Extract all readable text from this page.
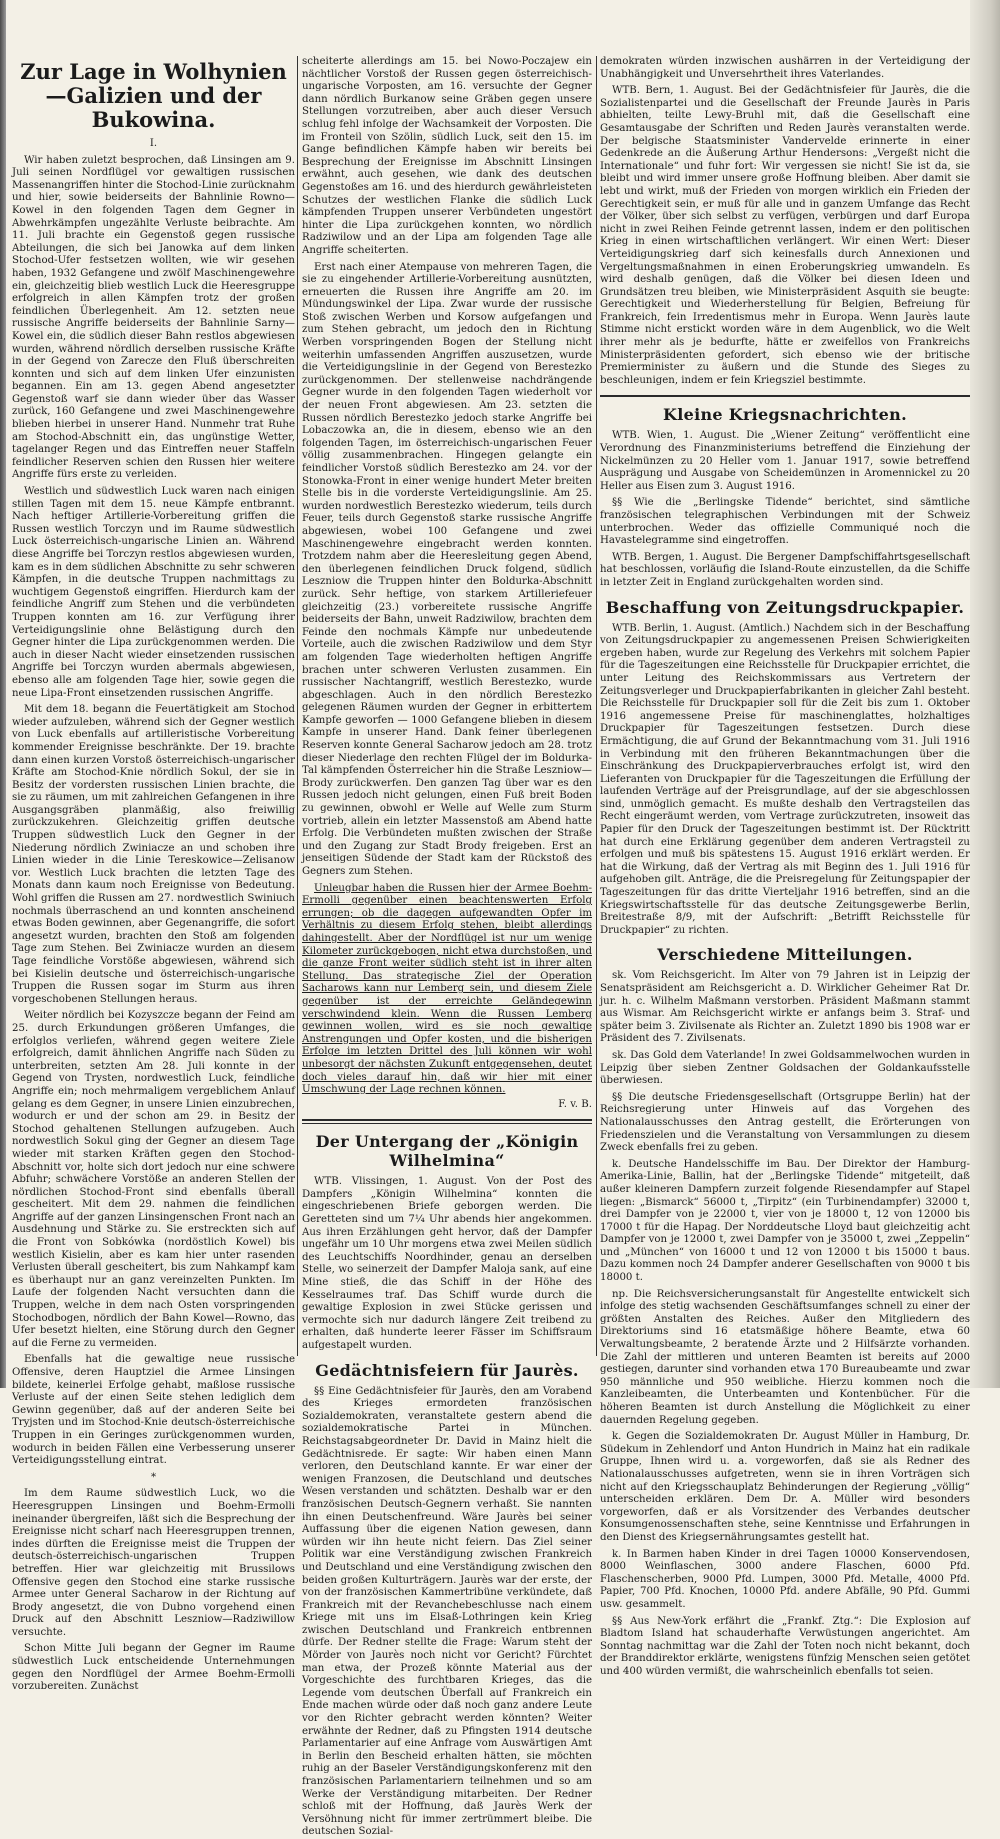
Zur Lage in Wolhynien—Galizien und der Bukowina.
I.

Wir haben zuletzt besprochen, daß Linsingen am 9. Juli seinen Nordflügel vor gewaltigen russischen Massenangriffen hinter die Stochod-Linie zurücknahm und hier, sowie beiderseits der Bahnlinie Rowno—Kowel in den folgenden Tagen dem Gegner in Abwehrkämpfen ungezählte Verluste beibrachte. Am 11. Juli brachte ein Gegenstoß gegen russische Abteilungen, die sich bei Janowka auf dem linken Stochod-Ufer festsetzen wollten, wie wir gesehen haben, 1932 Gefangene und zwölf Maschinengewehre ein, gleichzeitig blieb westlich Luck die Heeresgruppe erfolgreich in allen Kämpfen trotz der großen feindlichen Überlegenheit. Am 12. setzten neue russische Angriffe beiderseits der Bahnlinie Sarny—Kowel ein, die südlich dieser Bahn restlos abgewiesen wurden, während nördlich derselben russische Kräfte in der Gegend von Zarecze den Fluß überschreiten konnten und sich auf dem linken Ufer einzunisten begannen. Ein am 13. gegen Abend angesetzter Gegenstoß warf sie dann wieder über das Wasser zurück, 160 Gefangene und zwei Maschinengewehre blieben hierbei in unserer Hand. Nunmehr trat Ruhe am Stochod-Abschnitt ein, das ungünstige Wetter, tagelanger Regen und das Eintreffen neuer Staffeln feindlicher Reserven schien den Russen hier weitere Angriffe fürs erste zu verleiden.

Westlich und südwestlich Luck waren nach einigen stillen Tagen mit dem 15. neue Kämpfe entbrannt. Nach heftiger Artillerie-Vorbereitung griffen die Russen westlich Torczyn und im Raume südwestlich Luck österreichisch-ungarische Linien an. Während diese Angriffe bei Torczyn restlos abgewiesen wurden, kam es in dem südlichen Abschnitte zu sehr schweren Kämpfen, in die deutsche Truppen nachmittags zu wuchtigem Gegenstoß eingriffen. Hierdurch kam der feindliche Angriff zum Stehen und die verbündeten Truppen konnten am 16. zur Verfügung ihrer Verteidigungslinie ohne Belästigung durch den Gegner hinter die Lipa zurückgenommen werden. Die auch in dieser Nacht wieder einsetzenden russischen Angriffe bei Torczyn wurden abermals abgewiesen, ebenso alle am folgenden Tage hier, sowie gegen die neue Lipa-Front einsetzenden russischen Angriffe.

Mit dem 18. begann die Feuertätigkeit am Stochod wieder aufzuleben, während sich der Gegner westlich von Luck ebenfalls auf artilleristische Vorbereitung kommender Ereignisse beschränkte. Der 19. brachte dann einen kurzen Vorstoß österreichisch-ungarischer Kräfte am Stochod-Knie nördlich Sokul, der sie in Besitz der vordersten russischen Linien brachte, die sie zu räumen, um mit zahlreichen Gefangenen in ihre Ausgangsgräben planmäßig, also freiwillig zurückzukehren. Gleichzeitig griffen deutsche Truppen südwestlich Luck den Gegner in der Niederung nördlich Zwiniacze an und schoben ihre Linien wieder in die Linie Tereskowice—Zelisanow vor. Westlich Luck brachten die letzten Tage des Monats dann kaum noch Ereignisse von Bedeutung. Wohl griffen die Russen am 27. nordwestlich Swiniuch nochmals überraschend an und konnten anscheinend etwas Boden gewinnen, aber Gegenangriffe, die sofort angesetzt wurden, brachten den Stoß am folgenden Tage zum Stehen. Bei Zwiniacze wurden an diesem Tage feindliche Vorstöße abgewiesen, während sich bei Kisielin deutsche und österreichisch-ungarische Truppen die Russen sogar im Sturm aus ihren vorgeschobenen Stellungen heraus.

Weiter nördlich bei Kozyszcze begann der Feind am 25. durch Erkundungen größeren Umfanges, die erfolglos verliefen, während gegen weitere Ziele erfolgreich, damit ähnlichen Angriffe nach Süden zu unterbreiten, setzten Am 28. Juli konnte in der Gegend von Trysten, nordwestlich Luck, feindliche Angriffe ein; noch mehrmaligem vergeblichem Anlauf gelang es dem Gegner, in unsere Linien einzubrechen, wodurch er und der schon am 29. in Besitz der Stochod gehaltenen Stellungen aufzugeben. Auch nordwestlich Sokul ging der Gegner an diesem Tage wieder mit starken Kräften gegen den Stochod-Abschnitt vor, holte sich dort jedoch nur eine schwere Abfuhr; schwächere Vorstöße an anderen Stellen der nördlichen Stochod-Front sind ebenfalls überall gescheitert. Mit dem 29. nahmen die feindlichen Angriffe auf der ganzen Linsingenschen Front nach an Ausdehnung und Stärke zu. Sie erstreckten sich auf die Front von Sobkówka (nordöstlich Kowel) bis westlich Kisielin, aber es kam hier unter rasenden Verlusten überall gescheitert, bis zum Nahkampf kam es überhaupt nur an ganz vereinzelten Punkten. Im Laufe der folgenden Nacht versuchten dann die Truppen, welche in dem nach Osten vorspringenden Stochodbogen, nördlich der Bahn Kowel—Rowno, das Ufer besetzt hielten, eine Störung durch den Gegner auf die Ferne zu vermeiden.

Ebenfalls hat die gewaltige neue russische Offensive, deren Hauptziel die Armee Linsingen bildete, keinerlei Erfolge gehabt, maßlose russische Verluste auf der einen Seite stehen lediglich dem Gewinn gegenüber, daß auf der anderen Seite bei Tryjsten und im Stochod-Knie deutsch-österreichische Truppen in ein Geringes zurückgenommen wurden, wodurch in beiden Fällen eine Verbesserung unserer Verteidigungsstellung eintrat.

*

Im dem Raume südwestlich Luck, wo die Heeresgruppen Linsingen und Boehm-Ermolli ineinander übergreifen, läßt sich die Besprechung der Ereignisse nicht scharf nach Heeresgruppen trennen, indes dürften die Ereignisse meist die Truppen der deutsch-österreichisch-ungarischen Truppen betreffen. Hier war gleichzeitig mit Brussilows Offensive gegen den Stochod eine starke russische Armee unter General Sacharow in der Richtung auf Brody angesetzt, die von Dubno vorgehend einen Druck auf den Abschnitt Leszniow—Radziwillow versuchte.

Schon Mitte Juli begann der Gegner im Raume südwestlich Luck entscheidende Unternehmungen gegen den Nordflügel der Armee Boehm-Ermolli vorzubereiten. Zunächst

scheiterte allerdings am 15. bei Nowo-Poczajew ein nächtlicher Vorstoß der Russen gegen österreichisch-ungarische Vorposten, am 16. versuchte der Gegner dann nördlich Burkanow seine Gräben gegen unsere Stellungen vorzutreiben, aber auch dieser Versuch schlug fehl infolge der Wachsamkeit der Vorposten. Die im Fronteil von Szölin, südlich Luck, seit den 15. im Gange befindlichen Kämpfe haben wir bereits bei Besprechung der Ereignisse im Abschnitt Linsingen erwähnt, auch gesehen, wie dank des deutschen Gegenstoßes am 16. und des hierdurch gewährleisteten Schutzes der westlichen Flanke die südlich Luck kämpfenden Truppen unserer Verbündeten ungestört hinter die Lipa zurückgehen konnten, wo nördlich Radziwilow und an der Lipa am folgenden Tage alle Angriffe scheiterten.

Erst nach einer Atempause von mehreren Tagen, die sie zu eingehender Artillerie-Vorbereitung ausnützten, erneuerten die Russen ihre Angriffe am 20. im Mündungswinkel der Lipa. Zwar wurde der russische Stoß zwischen Werben und Korsow aufgefangen und zum Stehen gebracht, um jedoch den in Richtung Werben vorspringenden Bogen der Stellung nicht weiterhin umfassenden Angriffen auszusetzen, wurde die Verteidigungslinie in der Gegend von Berestezko zurückgenommen. Der stellenweise nachdrängende Gegner wurde in den folgenden Tagen wiederholt vor der neuen Front abgewiesen. Am 23. setzten die Russen nördlich Berestezko jedoch starke Angriffe bei Lobaczowka an, die in diesem, ebenso wie an den folgenden Tagen, im österreichisch-ungarischen Feuer völlig zusammenbrachen. Hingegen gelangte ein feindlicher Vorstoß südlich Berestezko am 24. vor der Stonowka-Front in einer wenige hundert Meter breiten Stelle bis in die vorderste Verteidigungslinie. Am 25. wurden nordwestlich Berestezko wiederum, teils durch Feuer, teils durch Gegenstoß starke russische Angriffe abgewiesen, wobei 100 Gefangene und zwei Maschinengewehre eingebracht werden konnten. Trotzdem nahm aber die Heeresleitung gegen Abend, den überlegenen feindlichen Druck folgend, südlich Leszniow die Truppen hinter den Boldurka-Abschnitt zurück. Sehr heftige, von starkem Artilleriefeuer gleichzeitig (23.) vorbereitete russische Angriffe beiderseits der Bahn, unweit Radziwilow, brachten dem Feinde den nochmals Kämpfe nur unbedeutende Vorteile, auch die zwischen Radziwilow und dem Styr am folgenden Tage wiederholten heftigen Angriffe brachen unter schweren Verlusten zusammen. Ein russischer Nachtangriff, westlich Berestezko, wurde abgeschlagen. Auch in den nördlich Berestezko gelegenen Räumen wurden der Gegner in erbittertem Kampfe geworfen — 1000 Gefangene blieben in diesem Kampfe in unserer Hand. Dank feiner überlegenen Reserven konnte General Sacharow jedoch am 28. trotz dieser Niederlage den rechten Flügel der im Boldurka-Tal kämpfenden Österreicher hin die Straße Leszniow—Brody zurückwerfen. Den ganzen Tag über war es den Russen jedoch nicht gelungen, einen Fuß breit Boden zu gewinnen, obwohl er Welle auf Welle zum Sturm vortrieb, allein ein letzter Massenstoß am Abend hatte Erfolg. Die Verbündeten mußten zwischen der Straße und den Zugang zur Stadt Brody freigeben. Erst an jenseitigen Südende der Stadt kam der Rückstoß des Gegners zum Stehen.

Unleugbar haben die Russen hier der Armee Boehm-Ermolli gegenüber einen beachtenswerten Erfolg errungen; ob die dagegen aufgewandten Opfer im Verhältnis zu diesem Erfolg stehen, bleibt allerdings dahingestellt. Aber der Nordflügel ist nur um wenige Kilometer zurückgebogen, nicht etwa durchstoßen, und die ganze Front weiter südlich steht ist in ihrer alten Stellung. Das strategische Ziel der Operation Sacharows kann nur Lemberg sein, und diesem Ziele gegenüber ist der erreichte Geländegewinn verschwindend klein. Wenn die Russen Lemberg gewinnen wollen, wird es sie noch gewaltige Anstrengungen und Opfer kosten, und die bisherigen Erfolge im letzten Drittel des Juli können wir wohl unbesorgt der nächsten Zukunft entgegensehen, deutet doch vieles darauf hin, daß wir hier mit einer Umschwung der Lage rechnen können.

F. v. B.
Der Untergang der „Königin Wilhelmina“

WTB. Vlissingen, 1. August. Von der Post des Dampfers „Königin Wilhelmina“ konnten die eingeschriebenen Briefe geborgen werden. Die Geretteten sind um 7¼ Uhr abends hier angekommen. Aus ihren Erzählungen geht hervor, daß der Dampfer ungefähr um 10 Uhr morgens etwa zwei Meilen südlich des Leuchtschiffs Noordhinder, genau an derselben Stelle, wo seinerzeit der Dampfer Maloja sank, auf eine Mine stieß, die das Schiff in der Höhe des Kesselraumes traf. Das Schiff wurde durch die gewaltige Explosion in zwei Stücke gerissen und vermochte sich nur dadurch längere Zeit treibend zu erhalten, daß hunderte leerer Fässer im Schiffsraum aufgestapelt wurden.

Gedächtnisfeiern für Jaurès.

§§ Eine Gedächtnisfeier für Jaurès, den am Vorabend des Krieges ermordeten französischen Sozialdemokraten, veranstaltete gestern abend die sozialdemokratische Partei in München. Reichstagsabgeordneter Dr. David in Mainz hielt die Gedächtnisrede. Er sagte: Wir haben einen Mann verloren, den Deutschland kannte. Er war einer der wenigen Franzosen, die Deutschland und deutsches Wesen verstanden und schätzten. Deshalb war er den französischen Deutsch-Gegnern verhaßt. Sie nannten ihn einen Deutschenfreund. Wäre Jaurès bei seiner Auffassung über die eigenen Nation gewesen, dann würden wir ihn heute nicht feiern. Das Ziel seiner Politik war eine Verständigung zwischen Frankreich und Deutschland und eine Verständigung zwischen den beiden großen Kulturträgern. Jaurès war der erste, der von der französischen Kammertribüne verkündete, daß Frankreich mit der Revanchebeschlusse nach einem Kriege mit uns im Elsaß-Lothringen kein Krieg zwischen Deutschland und Frankreich entbrennen dürfe. Der Redner stellte die Frage: Warum steht der Mörder von Jaurès noch nicht vor Gericht? Fürchtet man etwa, der Prozeß könnte Material aus der Vorgeschichte des furchtbaren Krieges, das die Legende vom deutschen Überfall auf Frankreich ein Ende machen würde oder daß noch ganz andere Leute vor den Richter gebracht werden könnten? Weiter erwähnte der Redner, daß zu Pfingsten 1914 deutsche Parlamentarier auf eine Anfrage vom Auswärtigen Amt in Berlin den Bescheid erhalten hätten, sie möchten ruhig an der Baseler Verständigungskonferenz mit den französischen Parlamentariern teilnehmen und so am Werke der Verständigung mitarbeiten. Der Redner schloß mit der Hoffnung, daß Jaurès Werk der Versöhnung nicht für immer zertrümmert bleibe. Die deutschen Sozial-

demokraten würden inzwischen aushärren in der Verteidigung der Unabhängigkeit und Unversehrtheit ihres Vaterlandes.

WTB. Bern, 1. August. Bei der Gedächtnisfeier für Jaurès, die die Sozialistenpartei und die Gesellschaft der Freunde Jaurès in Paris abhielten, teilte Lewy-Bruhl mit, daß die Gesellschaft eine Gesamtausgabe der Schriften und Reden Jaurès veranstalten werde. Der belgische Staatsminister Vandervelde erinnerte in einer Gedenkrede an die Äußerung Arthur Hendersons: „Vergeßt nicht die Internationale“ und fuhr fort: Wir vergessen sie nicht! Sie ist da, sie bleibt und wird immer unsere große Hoffnung bleiben. Aber damit sie lebt und wirkt, muß der Frieden von morgen wirklich ein Frieden der Gerechtigkeit sein, er muß für alle und in ganzem Umfange das Recht der Völker, über sich selbst zu verfügen, verbürgen und darf Europa nicht in zwei Reihen Feinde getrennt lassen, indem er den politischen Krieg in einen wirtschaftlichen verlängert. Wir einen Wert: Dieser Verteidigungskrieg darf sich keinesfalls durch Annexionen und Vergeltungsmaßnahmen in einen Eroberungskrieg umwandeln. Es wird deshalb genügen, daß die Völker bei diesen Ideen und Grundsätzen treu bleiben, wie Ministerpräsident Asquith sie beugte: Gerechtigkeit und Wiederherstellung für Belgien, Befreiung für Frankreich, fein Irredentismus mehr in Europa. Wenn Jaurès laute Stimme nicht erstickt worden wäre in dem Augenblick, wo die Welt ihrer mehr als je bedurfte, hätte er zweifellos von Frankreichs Ministerpräsidenten gefordert, sich ebenso wie der britische Premierminister zu äußern und die Stunde des Sieges zu beschleunigen, indem er fein Kriegsziel bestimmte.

Kleine Kriegsnachrichten.

WTB. Wien, 1. August. Die „Wiener Zeitung“ veröffentlicht eine Verordnung des Finanzministeriums betreffend die Einziehung der Nickelmünzen zu 20 Heller vom 1. Januar 1917, sowie betreffend Ausprägung und Ausgabe von Scheidemünzen in Aromennickel zu 20 Heller aus Eisen zum 3. August 1916.

§§ Wie die „Berlingske Tidende“ berichtet, sind sämtliche französischen telegraphischen Verbindungen mit der Schweiz unterbrochen. Weder das offizielle Communiqué noch die Havastelegramme sind eingetroffen.

WTB. Bergen, 1. August. Die Bergener Dampfschiffahrtsgesellschaft hat beschlossen, vorläufig die Island-Route einzustellen, da die Schiffe in letzter Zeit in England zurückgehalten worden sind.

Beschaffung von Zeitungsdruckpapier.

WTB. Berlin, 1. August. (Amtlich.) Nachdem sich in der Beschaffung von Zeitungsdruckpapier zu angemessenen Preisen Schwierigkeiten ergeben haben, wurde zur Regelung des Verkehrs mit solchem Papier für die Tageszeitungen eine Reichsstelle für Druckpapier errichtet, die unter Leitung des Reichskommissars aus Vertretern der Zeitungsverleger und Druckpapierfabrikanten in gleicher Zahl besteht. Die Reichsstelle für Druckpapier soll für die Zeit bis zum 1. Oktober 1916 angemessene Preise für maschinenglattes, holzhaltiges Druckpapier für Tageszeitungen festsetzen. Durch diese Ermächtigung, die auf Grund der Bekanntmachung vom 31. Juli 1916 in Verbindung mit den früheren Bekanntmachungen über die Einschränkung des Druckpapierverbrauches erfolgt ist, wird den Lieferanten von Druckpapier für die Tageszeitungen die Erfüllung der laufenden Verträge auf der Preisgrundlage, auf der sie abgeschlossen sind, unmöglich gemacht. Es mußte deshalb den Vertragsteilen das Recht eingeräumt werden, vom Vertrage zurückzutreten, insoweit das Papier für den Druck der Tageszeitungen bestimmt ist. Der Rücktritt hat durch eine Erklärung gegenüber dem anderen Vertragsteil zu erfolgen und muß bis spätestens 15. August 1916 erklärt werden. Er hat die Wirkung, daß der Vertrag als mit Beginn des 1. Juli 1916 für aufgehoben gilt. Anträge, die die Preisregelung für Zeitungspapier der Tageszeitungen für das dritte Vierteljahr 1916 betreffen, sind an die Kriegswirtschaftsstelle für das deutsche Zeitungsgewerbe Berlin, Breitestraße 8/9, mit der Aufschrift: „Betrifft Reichsstelle für Druckpapier“ zu richten.

Verschiedene Mitteilungen.

sk. Vom Reichsgericht. Im Alter von 79 Jahren ist in Leipzig der Senatspräsident am Reichsgericht a. D. Wirklicher Geheimer Rat Dr. jur. h. c. Wilhelm Maßmann verstorben. Präsident Maßmann stammt aus Wismar. Am Reichsgericht wirkte er anfangs beim 3. Straf- und später beim 3. Zivilsenate als Richter an. Zuletzt 1890 bis 1908 war er Präsident des 7. Zivilsenats.

sk. Das Gold dem Vaterlande! In zwei Goldsammelwochen wurden in Leipzig über sieben Zentner Goldsachen der Goldankaufsstelle überwiesen.

§§ Die deutsche Friedensgesellschaft (Ortsgruppe Berlin) hat der Reichsregierung unter Hinweis auf das Vorgehen des Nationalausschusses den Antrag gestellt, die Erörterungen von Friedenszielen und die Veranstaltung von Versammlungen zu diesem Zweck ebenfalls frei zu geben.

k. Deutsche Handelsschiffe im Bau. Der Direktor der Hamburg-Amerika-Linie, Ballin, hat der „Berlingske Tidende“ mitgeteilt, daß außer kleineren Dampfern zurzeit folgende Riesendampfer auf Stapel liegen: „Bismarck“ 56000 t, „Tirpitz“ (ein Turbinendampfer) 32000 t, drei Dampfer von je 22000 t, vier von je 18000 t, 12 von 12000 bis 17000 t für die Hapag. Der Norddeutsche Lloyd baut gleichzeitig acht Dampfer von je 12000 t, zwei Dampfer von je 35000 t, zwei „Zeppelin“ und „München“ von 16000 t und 12 von 12000 t bis 15000 t baus. Dazu kommen noch 24 Dampfer anderer Gesellschaften von 9000 t bis 18000 t.

np. Die Reichsversicherungsanstalt für Angestellte entwickelt sich infolge des stetig wachsenden Geschäftsumfanges schnell zu einer der größten Anstalten des Reiches. Außer den Mitgliedern des Direktoriums sind 16 etatsmäßige höhere Beamte, etwa 60 Verwaltungsbeamte, 2 beratende Ärzte und 2 Hilfsärzte vorhanden. Die Zahl der mittleren und unteren Beamten ist bereits auf 2000 gestiegen, darunter sind vorhanden etwa 170 Bureaubeamte und zwar 950 männliche und 950 weibliche. Hierzu kommen noch die Kanzleibeamten, die Unterbeamten und Kontenbücher. Für die höheren Beamten ist durch Anstellung die Möglichkeit zu einer dauernden Regelung gegeben.

k. Gegen die Sozialdemokraten Dr. August Müller in Hamburg, Dr. Südekum in Zehlendorf und Anton Hundrich in Mainz hat ein radikale Gruppe, Ihnen wird u. a. vorgeworfen, daß sie als Redner des Nationalausschusses aufgetreten, wenn sie in ihren Vorträgen sich nicht auf den Kriegsschauplatz Behinderungen der Regierung „völlig“ unterscheiden erklären. Dem Dr. A. Müller wird besonders vorgeworfen, daß er als Vorsitzender des Verbandes deutscher Konsumgenossenschaften stehe, seine Kenntnisse und Erfahrungen in den Dienst des Kriegsernährungsamtes gestellt hat.

k. In Barmen haben Kinder in drei Tagen 10000 Konservendosen, 8000 Weinflaschen, 3000 andere Flaschen, 6000 Pfd. Flaschenscherben, 9000 Pfd. Lumpen, 3000 Pfd. Metalle, 4000 Pfd. Papier, 700 Pfd. Knochen, 10000 Pfd. andere Abfälle, 90 Pfd. Gummi usw. gesammelt.

§§ Aus New-York erfährt die „Frankf. Ztg.“: Die Explosion auf Bladtom Island hat schauderhafte Verwüstungen angerichtet. Am Sonntag nachmittag war die Zahl der Toten noch nicht bekannt, doch der Branddirektor erklärte, wenigstens fünfzig Menschen seien getötet und 400 würden vermißt, die wahrscheinlich ebenfalls tot seien.
